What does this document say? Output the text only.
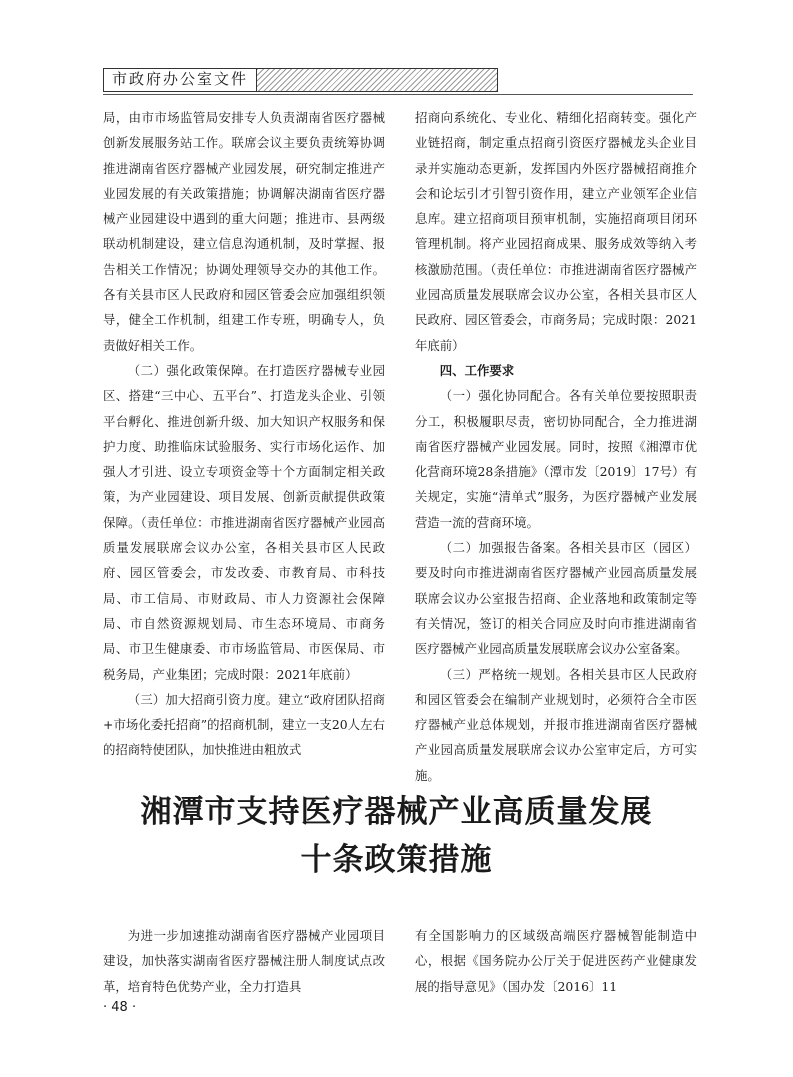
市政府办公室文件

局，由市市场监管局安排专人负责湖南省医疗器械创新发展服务站工作。联席会议主要负责统筹协调推进湖南省医疗器械产业园发展，研究制定推进产业园发展的有关政策措施；协调解决湖南省医疗器械产业园建设中遇到的重大问题；推进市、县两级联动机制建设，建立信息沟通机制，及时掌握、报告相关工作情况；协调处理领导交办的其他工作。各有关县市区人民政府和园区管委会应加强组织领导，健全工作机制，组建工作专班，明确专人，负责做好相关工作。

（二）强化政策保障。在打造医疗器械专业园区、搭建“三中心、五平台”、打造龙头企业、引领平台孵化、推进创新升级、加大知识产权服务和保护力度、助推临床试验服务、实行市场化运作、加强人才引进、设立专项资金等十个方面制定相关政策，为产业园建设、项目发展、创新贡献提供政策保障。（责任单位：市推进湖南省医疗器械产业园高质量发展联席会议办公室，各相关县市区人民政府、园区管委会，市发改委、市教育局、市科技局、市工信局、市财政局、市人力资源社会保障局、市自然资源规划局、市生态环境局、市商务局、市卫生健康委、市市场监管局、市医保局、市税务局，产业集团；完成时限：2021年底前）

（三）加大招商引资力度。建立“政府团队招商+市场化委托招商”的招商机制，建立一支20人左右的招商特使团队，加快推进由粗放式

招商向系统化、专业化、精细化招商转变。强化产业链招商，制定重点招商引资医疗器械龙头企业目录并实施动态更新，发挥国内外医疗器械招商推介会和论坛引才引智引资作用，建立产业领军企业信息库。建立招商项目预审机制，实施招商项目闭环管理机制。将产业园招商成果、服务成效等纳入考核激励范围。（责任单位：市推进湖南省医疗器械产业园高质量发展联席会议办公室，各相关县市区人民政府、园区管委会，市商务局；完成时限：2021年底前）

四、工作要求

（一）强化协同配合。各有关单位要按照职责分工，积极履职尽责，密切协同配合，全力推进湖南省医疗器械产业园发展。同时，按照《湘潭市优化营商环境28条措施》（潭市发〔2019〕17号）有关规定，实施“清单式”服务，为医疗器械产业发展营造一流的营商环境。

（二）加强报告备案。各相关县市区（园区）要及时向市推进湖南省医疗器械产业园高质量发展联席会议办公室报告招商、企业落地和政策制定等有关情况，签订的相关合同应及时向市推进湖南省医疗器械产业园高质量发展联席会议办公室备案。

（三）严格统一规划。各相关县市区人民政府和园区管委会在编制产业规划时，必须符合全市医疗器械产业总体规划，并报市推进湖南省医疗器械产业园高质量发展联席会议办公室审定后，方可实施。

湘潭市支持医疗器械产业高质量发展
十条政策措施

为进一步加速推动湖南省医疗器械产业园项目建设，加快落实湖南省医疗器械注册人制度试点改革，培育特色优势产业，全力打造具

有全国影响力的区域级高端医疗器械智能制造中心，根据《国务院办公厅关于促进医药产业健康发展的指导意见》（国办发〔2016〕11

· 48 ·
